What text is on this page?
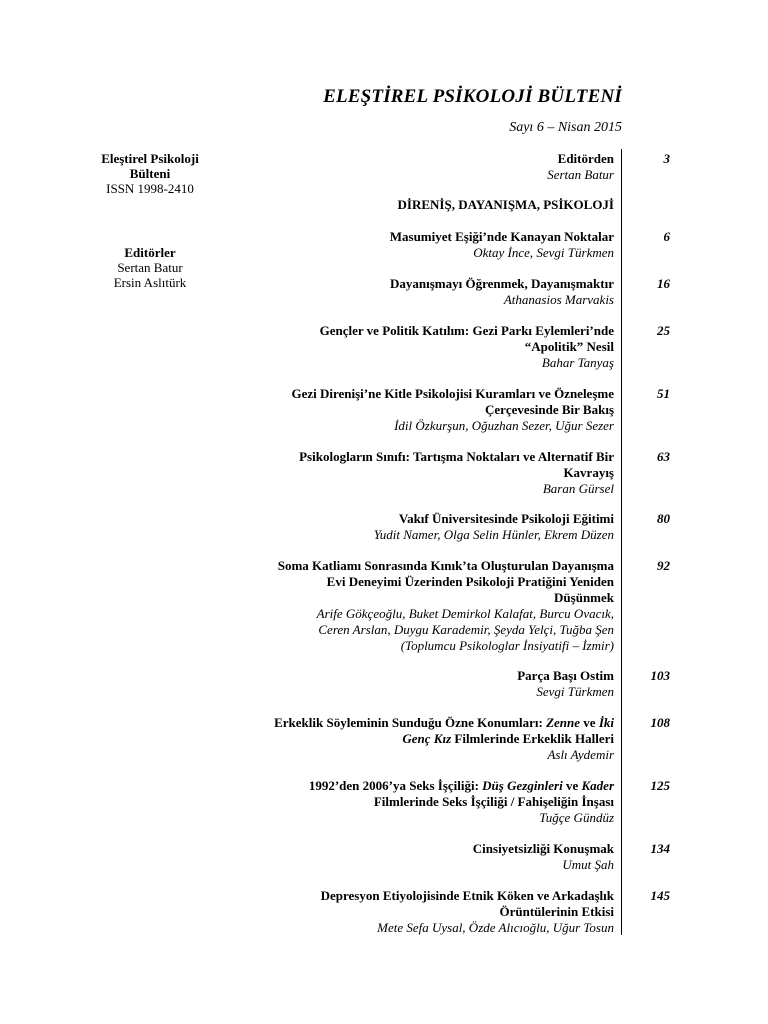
ELEŞTİREL PSİKOLOJİ BÜLTENİ
Sayı 6 – Nisan 2015
Eleştirel Psikoloji
Bülteni
ISSN 1998-2410
Editörler
Sertan Batur
Ersin Aslıtürk
Editörden
Sertan Batur
3
DİRENİŞ, DAYANIŞMA, PSİKOLOJİ
Masumiyet Eşiği’nde Kanayan Noktalar
Oktay İnce, Sevgi Türkmen
6
Dayanışmayı Öğrenmek, Dayanışmaktır
Athanasios Marvakis
16
Gençler ve Politik Katılım: Gezi Parkı Eylemleri’nde
“Apolitik” Nesil
Bahar Tanyaş
25
Gezi Direnişi’ne Kitle Psikolojisi Kuramları ve Özneleşme
Çerçevesinde Bir Bakış
İdil Özkurşun, Oğuzhan Sezer, Uğur Sezer
51
Psikologların Sınıfı: Tartışma Noktaları ve Alternatif Bir
Kavrayış
Baran Gürsel
63
Vakıf Üniversitesinde Psikoloji Eğitimi
Yudit Namer, Olga Selin Hünler, Ekrem Düzen
80
Soma Katliamı Sonrasında Kınık’ta Oluşturulan Dayanışma
Evi Deneyimi Üzerinden Psikoloji Pratiğini Yeniden
Düşünmek
Arife Gökçeoğlu, Buket Demirkol Kalafat, Burcu Ovacık,
Ceren Arslan, Duygu Karademir, Şeyda Yelçi, Tuğba Şen
(Toplumcu Psikologlar İnsiyatifi – İzmir)
92
Parça Başı Ostim
Sevgi Türkmen
103
Erkeklik Söyleminin Sunduğu Özne Konumları: Zenne ve İki
Genç Kız Filmlerinde Erkeklik Halleri
Aslı Aydemir
108
1992’den 2006’ya Seks İşçiliği: Düş Gezginleri ve Kader
Filmlerinde Seks İşçiliği / Fahişeliğin İnşası
Tuğçe Gündüz
125
Cinsiyetsizliği Konuşmak
Umut Şah
134
Depresyon Etiyolojisinde Etnik Köken ve Arkadaşlık
Örüntülerinin Etkisi
Mete Sefa Uysal, Özde Alıcıoğlu, Uğur Tosun
145
